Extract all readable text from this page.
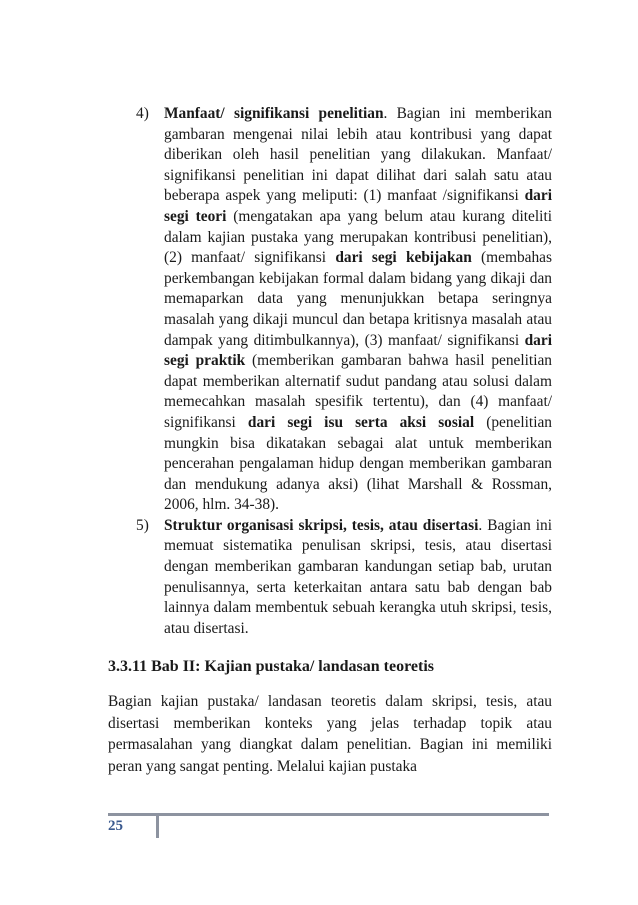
4) Manfaat/ signifikansi penelitian. Bagian ini memberikan gambaran mengenai nilai lebih atau kontribusi yang dapat diberikan oleh hasil penelitian yang dilakukan. Manfaat/ signifikansi penelitian ini dapat dilihat dari salah satu atau beberapa aspek yang meliputi: (1) manfaat /signifikansi dari segi teori (mengatakan apa yang belum atau kurang diteliti dalam kajian pustaka yang merupakan kontribusi penelitian), (2) manfaat/ signifikansi dari segi kebijakan (membahas perkembangan kebijakan formal dalam bidang yang dikaji dan memaparkan data yang menunjukkan betapa seringnya masalah yang dikaji muncul dan betapa kritisnya masalah atau dampak yang ditimbulkannya), (3) manfaat/ signifikansi dari segi praktik (memberikan gambaran bahwa hasil penelitian dapat memberikan alternatif sudut pandang atau solusi dalam memecahkan masalah spesifik tertentu), dan (4) manfaat/ signifikansi dari segi isu serta aksi sosial (penelitian mungkin bisa dikatakan sebagai alat untuk memberikan pencerahan pengalaman hidup dengan memberikan gambaran dan mendukung adanya aksi) (lihat Marshall & Rossman, 2006, hlm. 34-38).
5) Struktur organisasi skripsi, tesis, atau disertasi. Bagian ini memuat sistematika penulisan skripsi, tesis, atau disertasi dengan memberikan gambaran kandungan setiap bab, urutan penulisannya, serta keterkaitan antara satu bab dengan bab lainnya dalam membentuk sebuah kerangka utuh skripsi, tesis, atau disertasi.
3.3.11 Bab II: Kajian pustaka/ landasan teoretis
Bagian kajian pustaka/ landasan teoretis dalam skripsi, tesis, atau disertasi memberikan konteks yang jelas terhadap topik atau permasalahan yang diangkat dalam penelitian. Bagian ini memiliki peran yang sangat penting. Melalui kajian pustaka
25
